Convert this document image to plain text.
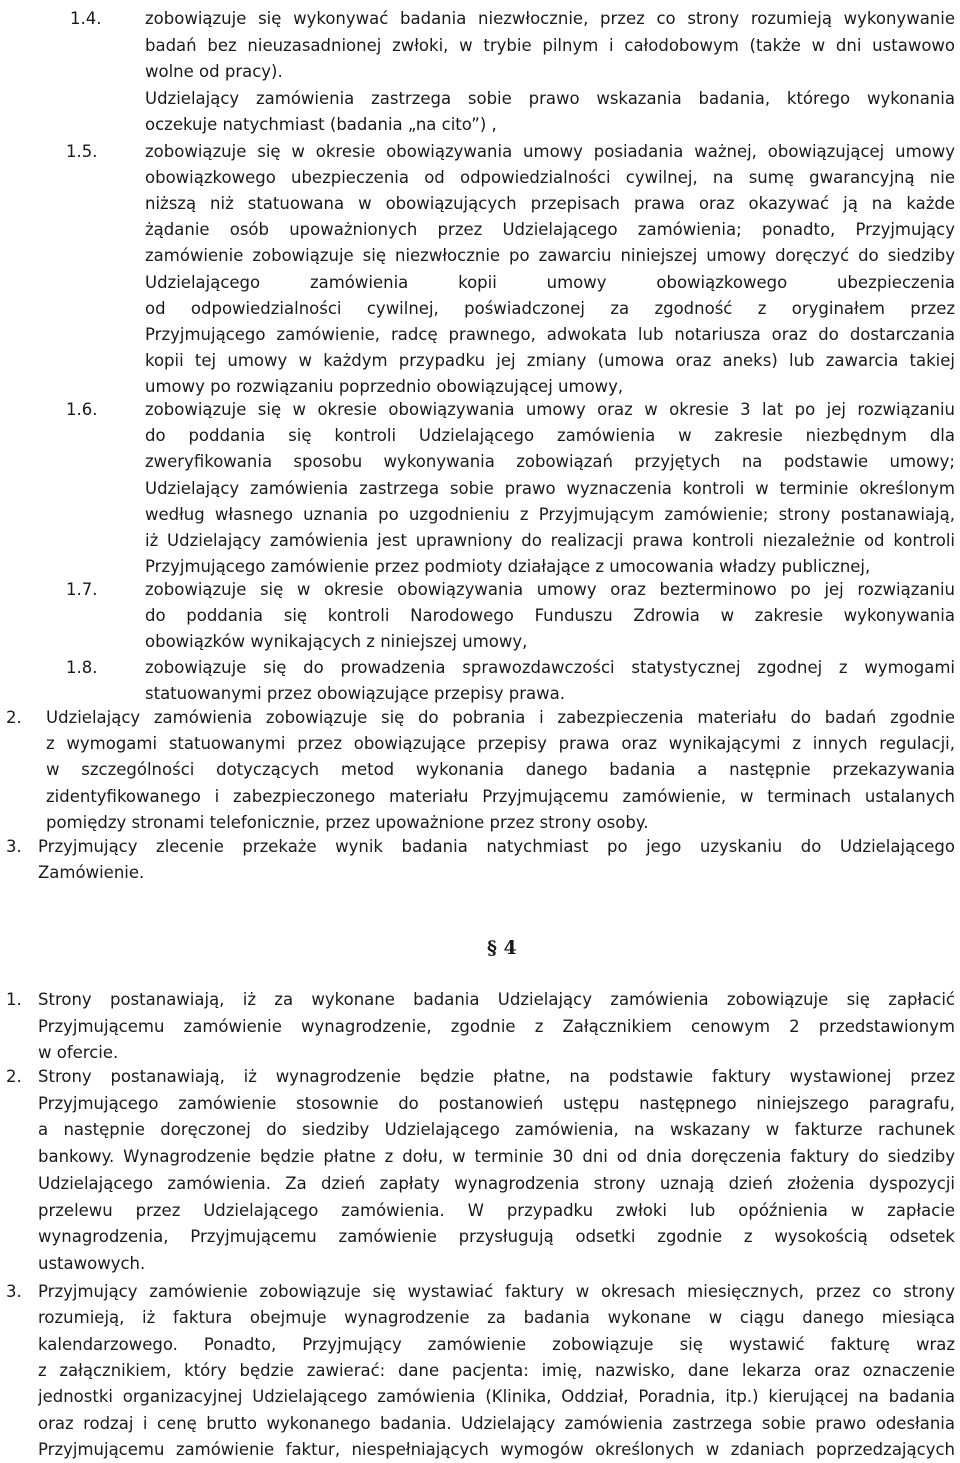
1.4.	zobowiązuje się wykonywać badania niezwłocznie, przez co strony rozumieją wykonywanie
badań bez nieuzasadnionej zwłoki, w trybie pilnym i całodobowym (także w dni ustawowo
wolne od pracy).
Udzielający zamówienia zastrzega sobie prawo wskazania badania, którego wykonania
oczekuje natychmiast (badania „na cito”) ,
1.5.	zobowiązuje się w okresie obowiązywania umowy posiadania ważnej, obowiązującej umowy
obowiązkowego ubezpieczenia od odpowiedzialności cywilnej, na sumę gwarancyjną nie
niższą niż statuowana w obowiązujących przepisach prawa oraz okazywać ją na każde
żądanie osób upoważnionych przez Udzielającego zamówienia; ponadto, Przyjmujący
zamówienie zobowiązuje się niezwłocznie po zawarciu niniejszej umowy doręczyć do siedziby
Udzielającego zamówienia kopii umowy obowiązkowego ubezpieczenia
od odpowiedzialności cywilnej, poświadczonej za zgodność z oryginałem przez
Przyjmującego zamówienie, radcę prawnego, adwokata lub notariusza oraz do dostarczania
kopii tej umowy w każdym przypadku jej zmiany (umowa oraz aneks) lub zawarcia takiej
umowy po rozwiązaniu poprzednio obowiązującej umowy,
1.6.	zobowiązuje się w okresie obowiązywania umowy oraz w okresie 3 lat po jej rozwiązaniu
do poddania się kontroli Udzielającego zamówienia w zakresie niezbędnym dla
zweryfikowania sposobu wykonywania zobowiązań przyjętych na podstawie umowy;
Udzielający zamówienia zastrzega sobie prawo wyznaczenia kontroli w terminie określonym
według własnego uznania po uzgodnieniu z Przyjmującym zamówienie; strony postanawiają,
iż Udzielający zamówienia jest uprawniony do realizacji prawa kontroli niezależnie od kontroli
Przyjmującego zamówienie przez podmioty działające z umocowania władzy publicznej,
1.7.	zobowiązuje się w okresie obowiązywania umowy oraz bezterminowo po jej rozwiązaniu
do poddania się kontroli Narodowego Funduszu Zdrowia w zakresie wykonywania
obowiązków wynikających z niniejszej umowy,
1.8.	zobowiązuje się do prowadzenia sprawozdawczości statystycznej zgodnej z wymogami
statuowanymi przez obowiązujące przepisy prawa.
2. Udzielający zamówienia zobowiązuje się do pobrania i zabezpieczenia materiału do badań zgodnie
z wymogami statuowanymi przez obowiązujące przepisy prawa oraz wynikającymi z innych regulacji,
w szczególności dotyczących metod wykonania danego badania a następnie przekazywania
zidentyfikowanego i zabezpieczonego materiału Przyjmującemu zamówienie, w terminach ustalanych
pomiędzy stronami telefonicznie, przez upoważnione przez strony osoby.
3. Przyjmujący zlecenie przekaże wynik badania natychmiast po jego uzyskaniu do Udzielającego
Zamówienie.
1. Strony postanawiają, iż za wykonane badania Udzielający zamówienia zobowiązuje się zapłacić
Przyjmującemu zamówienie wynagrodzenie, zgodnie z Załącznikiem cenowym 2 przedstawionym
w ofercie.
2. Strony postanawiają, iż wynagrodzenie będzie płatne, na podstawie faktury wystawionej przez
Przyjmującego zamówienie stosownie do postanowień ustępu następnego niniejszego paragrafu,
a następnie doręczonej do siedziby Udzielającego zamówienia, na wskazany w fakturze rachunek
bankowy. Wynagrodzenie będzie płatne z dołu, w terminie 30 dni od dnia doręczenia faktury do siedziby
Udzielającego zamówienia. Za dzień zapłaty wynagrodzenia strony uznają dzień złożenia dyspozycji
przelewu przez Udzielającego zamówienia. W przypadku zwłoki lub opóźnienia w zapłacie
wynagrodzenia, Przyjmującemu zamówienie przysługują odsetki zgodnie z wysokością odsetek
ustawowych.
3. Przyjmujący zamówienie zobowiązuje się wystawiać faktury w okresach miesięcznych, przez co strony
rozumieją, iż faktura obejmuje wynagrodzenie za badania wykonane w ciągu danego miesiąca
kalendarzowego. Ponadto, Przyjmujący zamówienie zobowiązuje się wystawić fakturę wraz
z załącznikiem, który będzie zawierać: dane pacjenta: imię, nazwisko, dane lekarza oraz oznaczenie
jednostki organizacyjnej Udzielającego zamówienia (Klinika, Oddział, Poradnia, itp.) kierującej na badania
oraz rodzaj i cenę brutto wykonanego badania. Udzielający zamówienia zastrzega sobie prawo odesłania
Przyjmującemu zamówienie faktur, niespełniających wymogów określonych w zdaniach poprzedzających
§ 4
